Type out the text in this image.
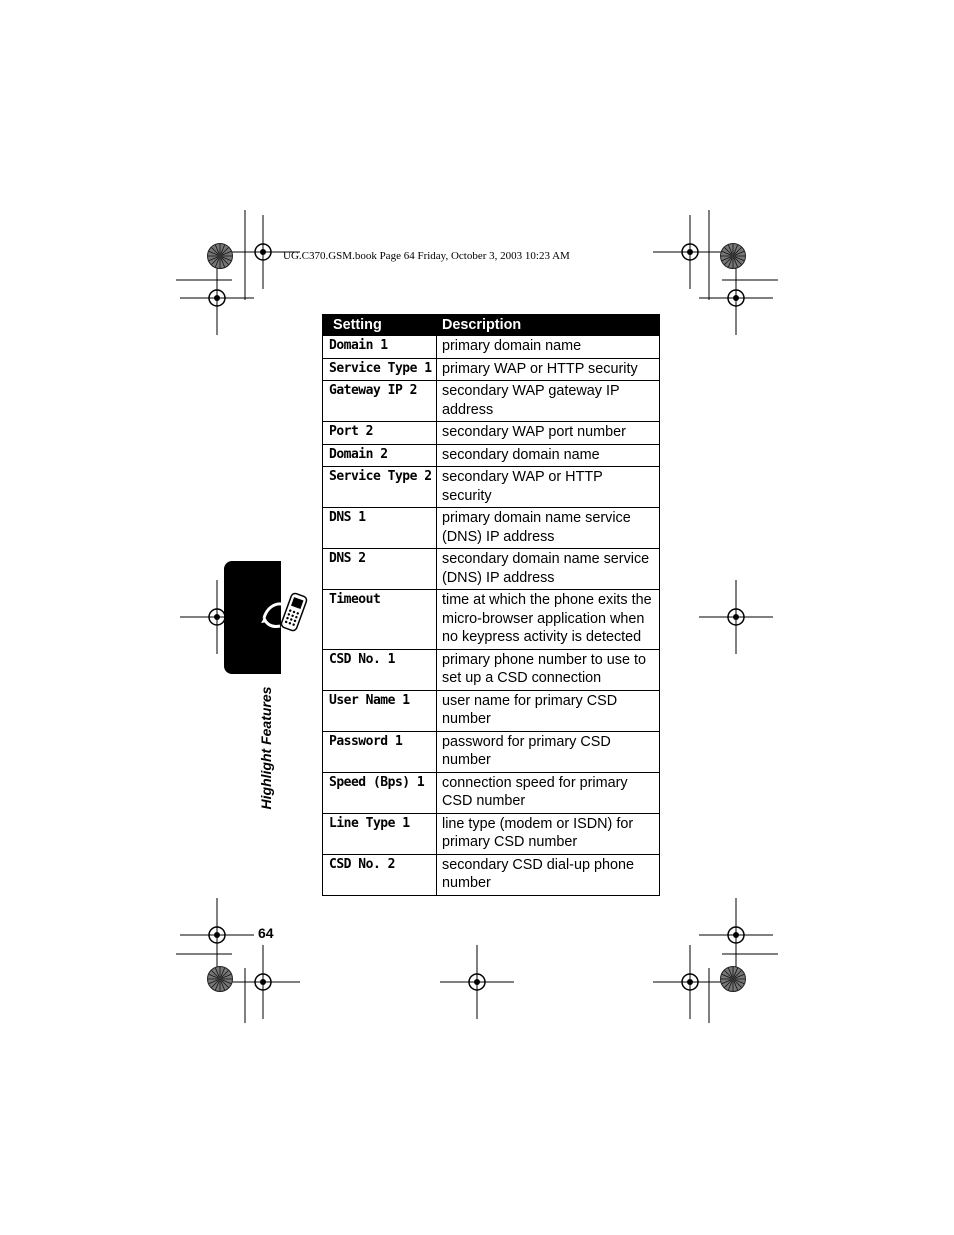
UG.C370.GSM.book Page 64 Friday, October 3, 2003 10:23 AM
Highlight Features
Setting	Description
Domain 1	primary domain name
Service Type 1	primary WAP or HTTP security
Gateway IP 2	secondary WAP gateway IP address
Port 2	secondary WAP port number
Domain 2	secondary domain name
Service Type 2	secondary WAP or HTTP security
DNS 1	primary domain name service (DNS) IP address
DNS 2	secondary domain name service (DNS) IP address
Timeout	time at which the phone exits the micro-browser application when no keypress activity is detected
CSD No. 1	primary phone number to use to set up a CSD connection
User Name 1	user name for primary CSD number
Password 1	password for primary CSD number
Speed (Bps) 1	connection speed for primary CSD number
Line Type 1	line type (modem or ISDN) for primary CSD number
CSD No. 2	secondary CSD dial-up phone number
64
